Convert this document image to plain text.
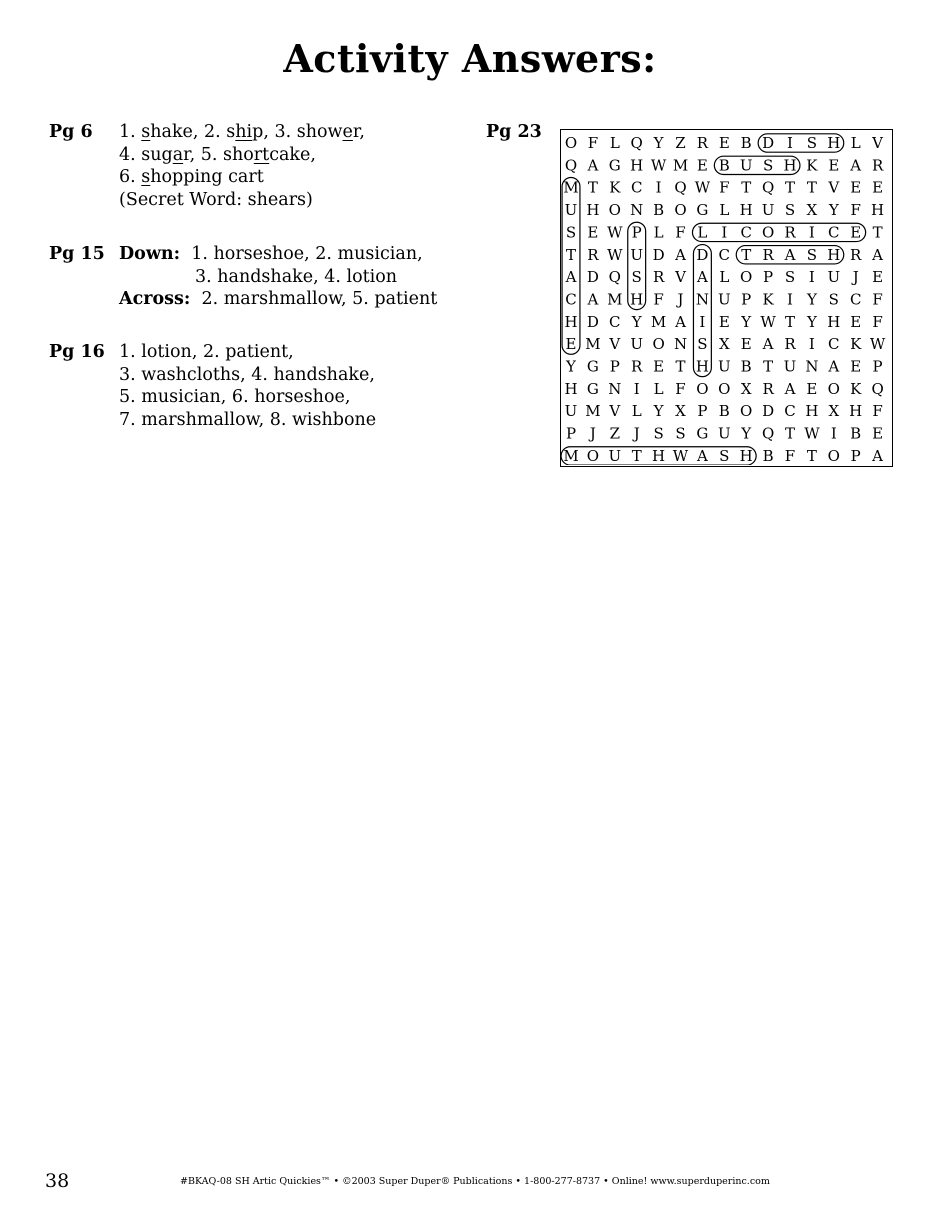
Activity Answers:
Pg 6 1. shake, 2. ship, 3. shower,
4. sugar, 5. shortcake,
6. shopping cart
(Secret Word: shears)
Pg 15 Down: 1. horseshoe, 2. musician,
3. handshake, 4. lotion
Across: 2. marshmallow, 5. patient
Pg 16 1. lotion, 2. patient,
3. washcloths, 4. handshake,
5. musician, 6. horseshoe,
7. marshmallow, 8. wishbone
Pg 23
O F L Q Y Z R E B D I S H L V
Q A G H W M E B U S H K E A R
M T K C I Q W F T Q T T V E E
U H O N B O G L H U S X Y F H
S E W P L F L I C O R I C E T
T R W U D A D C T R A S H R A
A D Q S R V A L O P S I U J E
C A M H F J N U P K I Y S C F
H D C Y M A I E Y W T Y H E F
E M V U O N S X E A R I C K W
Y G P R E T H U B T U N A E P
H G N I L F O O X R A E O K Q
U M V L Y X P B O D C H X H F
P J Z J S S G U Y Q T W I B E
M O U T H W A S H B F T O P A
38	#BKAQ-08 SH Artic Quickies™ • ©2003 Super Duper® Publications • 1-800-277-8737 • Online! www.superduperinc.com
